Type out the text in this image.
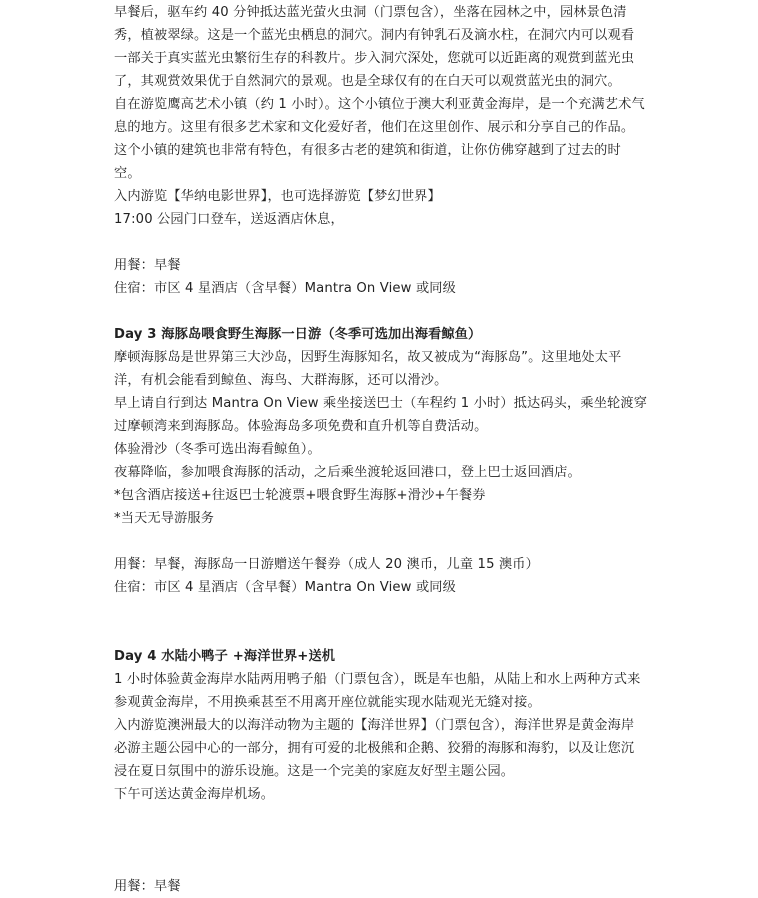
早餐后，驱车约 40 分钟抵达蓝光萤火虫洞（门票包含），坐落在园林之中，园林景色清
秀，植被翠绿。这是一个蓝光虫栖息的洞穴。洞内有钟乳石及滴水柱，在洞穴内可以观看
一部关于真实蓝光虫繁衍生存的科教片。步入洞穴深处，您就可以近距离的观赏到蓝光虫
了，其观赏效果优于自然洞穴的景观。也是全球仅有的在白天可以观赏蓝光虫的洞穴。
自在游览鹰高艺术小镇（约 1 小时）。这个小镇位于澳大利亚黄金海岸，是一个充满艺术气
息的地方。这里有很多艺术家和文化爱好者，他们在这里创作、展示和分享自己的作品。
这个小镇的建筑也非常有特色，有很多古老的建筑和街道，让你仿佛穿越到了过去的时
空。
入内游览【华纳电影世界】，也可选择游览【梦幻世界】
17:00 公园门口登车，送返酒店休息，
用餐：早餐
住宿：市区 4 星酒店（含早餐）Mantra On View 或同级
Day 3 海豚岛喂食野生海豚一日游（冬季可选加出海看鲸鱼）
摩顿海豚岛是世界第三大沙岛，因野生海豚知名，故又被成为“海豚岛”。这里地处太平
洋，有机会能看到鲸鱼、海鸟、大群海豚，还可以滑沙。
早上请自行到达 Mantra On View 乘坐接送巴士（车程约 1 小时）抵达码头，乘坐轮渡穿
过摩顿湾来到海豚岛。体验海岛多项免费和直升机等自费活动。
体验滑沙（冬季可选出海看鲸鱼）。
夜幕降临，参加喂食海豚的活动，之后乘坐渡轮返回港口，登上巴士返回酒店。
*包含酒店接送+往返巴士轮渡票+喂食野生海豚+滑沙+午餐券
*当天无导游服务
用餐：早餐，海豚岛一日游赠送午餐券（成人 20 澳币，儿童 15 澳币）
住宿：市区 4 星酒店（含早餐）Mantra On View 或同级
Day 4 水陆小鸭子 +海洋世界+送机
1 小时体验黄金海岸水陆两用鸭子船（门票包含），既是车也船，从陆上和水上两种方式来
参观黄金海岸，不用换乘甚至不用离开座位就能实现水陆观光无缝对接。
入内游览澳洲最大的以海洋动物为主题的【海洋世界】（门票包含），海洋世界是黄金海岸
必游主题公园中心的一部分，拥有可爱的北极熊和企鹅、狡猾的海豚和海豹，以及让您沉
浸在夏日氛围中的游乐设施。这是一个完美的家庭友好型主题公园。
下午可送达黄金海岸机场。
用餐：早餐
